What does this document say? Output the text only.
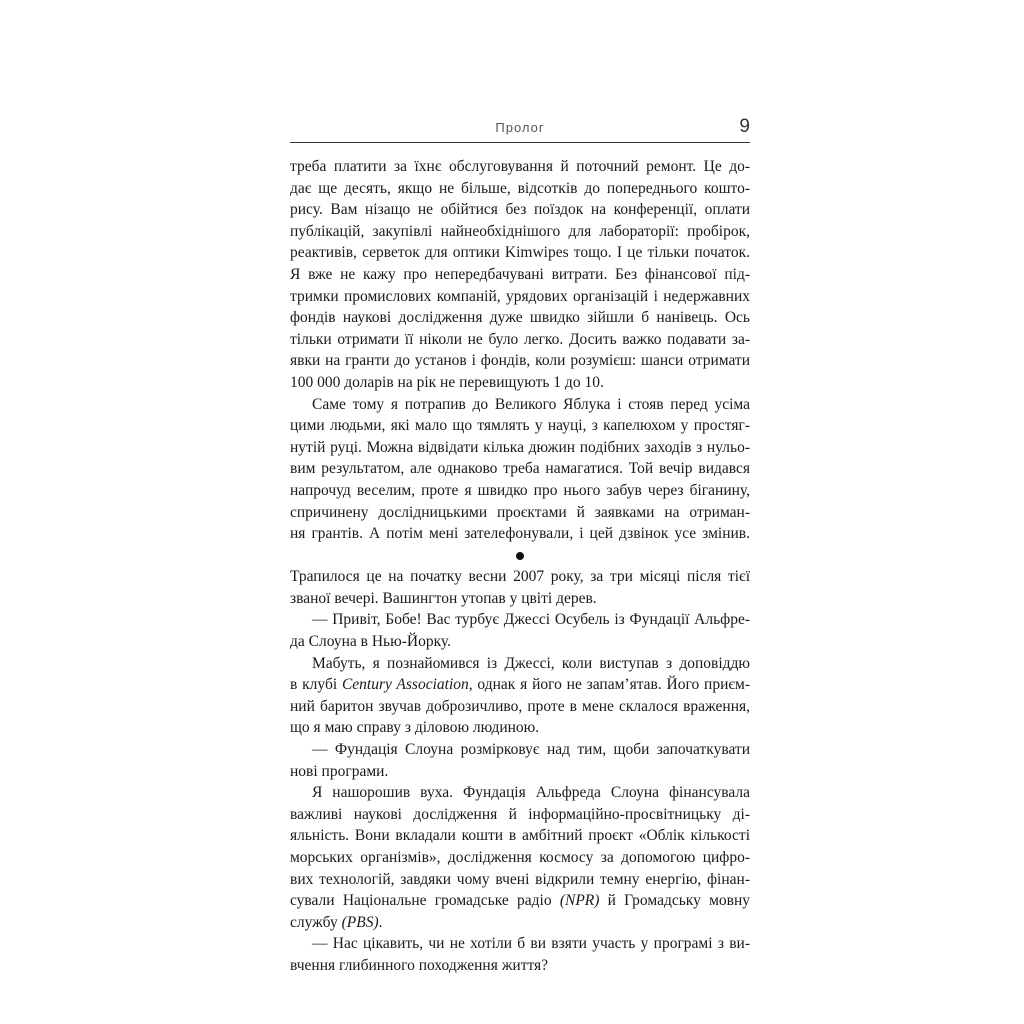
Пролог	9
треба платити за їхнє обслуговування й поточний ремонт. Це до-
дає ще десять, якщо не більше, відсотків до попереднього кошто-
рису. Вам нізащо не обійтися без поїздок на конференції, оплати
публікацій, закупівлі найнеобхіднішого для лабораторії: пробірок,
реактивів, серветок для оптики Kimwipes тощо. І це тільки початок.
Я вже не кажу про непередбачувані витрати. Без фінансової під-
тримки промислових компаній, урядових організацій і недержавних
фондів наукові дослідження дуже швидко зійшли б нанівець. Ось
тільки отримати її ніколи не було легко. Досить важко подавати за-
явки на гранти до установ і фондів, коли розумієш: шанси отримати
100 000 доларів на рік не перевищують 1 до 10.
Саме тому я потрапив до Великого Яблука і стояв перед усіма
цими людьми, які мало що тямлять у науці, з капелюхом у простяг-
нутій руці. Можна відвідати кілька дюжин подібних заходів з нульо-
вим результатом, але однаково треба намагатися. Той вечір видався
напрочуд веселим, проте я швидко про нього забув через біганину,
спричинену дослідницькими проєктами й заявками на отриман-
ня грантів. А потім мені зателефонували, і цей дзвінок усе змінив.
Трапилося це на початку весни 2007 року, за три місяці після тієї
званої вечері. Вашингтон утопав у цвіті дерев.
— Привіт, Бобе! Вас турбує Джессі Осубель із Фундації Альфре-
да Слоуна в Нью-Йорку.
Мабуть, я познайомився із Джессі, коли виступав з доповіддю
в клубі Century Association, однак я його не запам’ятав. Його приєм-
ний баритон звучав доброзичливо, проте в мене склалося враження,
що я маю справу з діловою людиною.
— Фундація Слоуна розмірковує над тим, щоби започаткувати
нові програми.
Я нашорошив вуха. Фундація Альфреда Слоуна фінансувала
важливі наукові дослідження й інформаційно-просвітницьку ді-
яльність. Вони вкладали кошти в амбітний проєкт «Облік кількості
морських організмів», дослідження космосу за допомогою цифро-
вих технологій, завдяки чому вчені відкрили темну енергію, фінан-
сували Національне громадське радіо (NPR) й Громадську мовну
службу (PBS).
— Нас цікавить, чи не хотіли б ви взяти участь у програмі з ви-
вчення глибинного походження життя?
